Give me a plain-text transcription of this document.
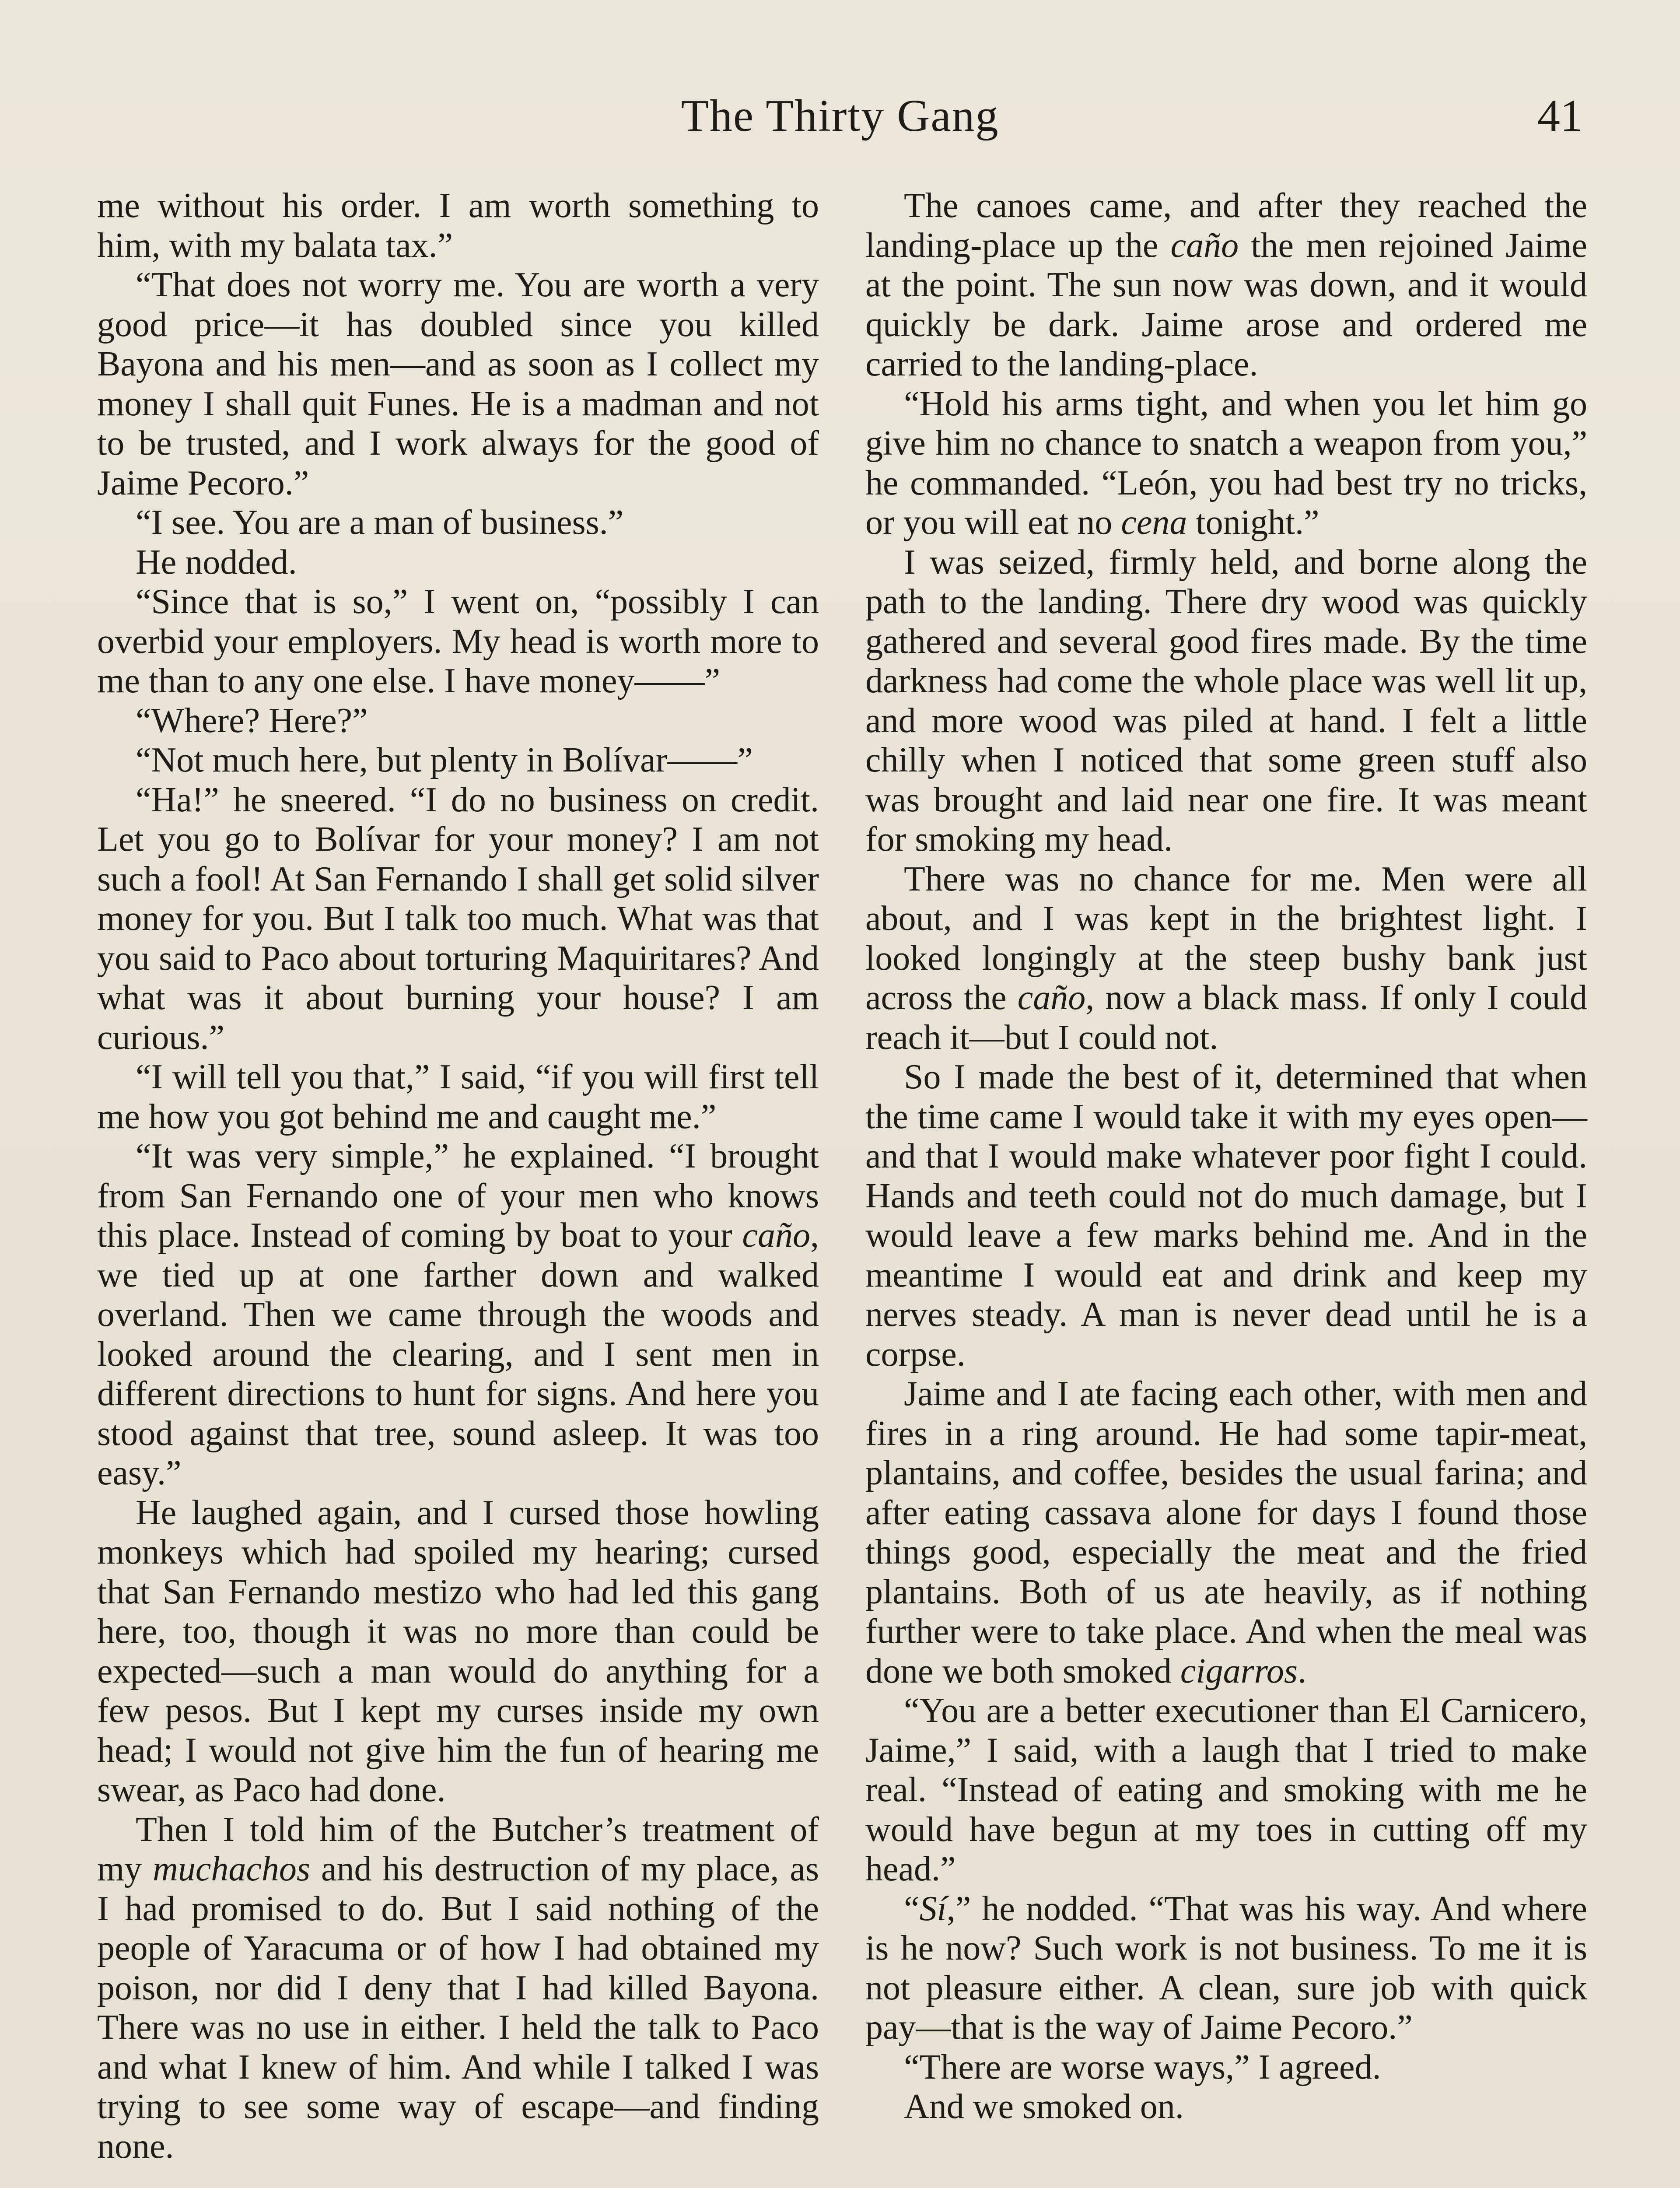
The Thirty Gang	41

me without his order. I am worth something to him, with my balata tax.”

“That does not worry me. You are worth a very good price—it has doubled since you killed Bayona and his men—and as soon as I collect my money I shall quit Funes. He is a madman and not to be trusted, and I work always for the good of Jaime Pecoro.”

“I see. You are a man of business.”

He nodded.

“Since that is so,” I went on, “possibly I can overbid your employers. My head is worth more to me than to any one else. I have money——”

“Where? Here?”

“Not much here, but plenty in Bolívar——”

“Ha!” he sneered. “I do no business on credit. Let you go to Bolívar for your money? I am not such a fool! At San Fernando I shall get solid silver money for you. But I talk too much. What was that you said to Paco about torturing Maquiritares? And what was it about burning your house? I am curious.”

“I will tell you that,” I said, “if you will first tell me how you got behind me and caught me.”

“It was very simple,” he explained. “I brought from San Fernando one of your men who knows this place. Instead of coming by boat to your caño, we tied up at one farther down and walked overland. Then we came through the woods and looked around the clearing, and I sent men in different directions to hunt for signs. And here you stood against that tree, sound asleep. It was too easy.”

He laughed again, and I cursed those howling monkeys which had spoiled my hearing; cursed that San Fernando mestizo who had led this gang here, too, though it was no more than could be expected—such a man would do anything for a few pesos. But I kept my curses inside my own head; I would not give him the fun of hearing me swear, as Paco had done.

Then I told him of the Butcher’s treatment of my muchachos and his destruction of my place, as I had promised to do. But I said nothing of the people of Yaracuma or of how I had obtained my poison, nor did I deny that I had killed Bayona. There was no use in either. I held the talk to Paco and what I knew of him. And while I talked I was trying to see some way of escape—and finding none.

The canoes came, and after they reached the landing-place up the caño the men rejoined Jaime at the point. The sun now was down, and it would quickly be dark. Jaime arose and ordered me carried to the landing-place.

“Hold his arms tight, and when you let him go give him no chance to snatch a weapon from you,” he commanded. “León, you had best try no tricks, or you will eat no cena tonight.”

I was seized, firmly held, and borne along the path to the landing. There dry wood was quickly gathered and several good fires made. By the time darkness had come the whole place was well lit up, and more wood was piled at hand. I felt a little chilly when I noticed that some green stuff also was brought and laid near one fire. It was meant for smoking my head.

There was no chance for me. Men were all about, and I was kept in the brightest light. I looked longingly at the steep bushy bank just across the caño, now a black mass. If only I could reach it—but I could not.

So I made the best of it, determined that when the time came I would take it with my eyes open—and that I would make whatever poor fight I could. Hands and teeth could not do much damage, but I would leave a few marks behind me. And in the meantime I would eat and drink and keep my nerves steady. A man is never dead until he is a corpse.

Jaime and I ate facing each other, with men and fires in a ring around. He had some tapir-meat, plantains, and coffee, besides the usual farina; and after eating cassava alone for days I found those things good, especially the meat and the fried plantains. Both of us ate heavily, as if nothing further were to take place. And when the meal was done we both smoked cigarros.

“You are a better executioner than El Carnicero, Jaime,” I said, with a laugh that I tried to make real. “Instead of eating and smoking with me he would have begun at my toes in cutting off my head.”

“Sí,” he nodded. “That was his way. And where is he now? Such work is not business. To me it is not pleasure either. A clean, sure job with quick pay—that is the way of Jaime Pecoro.”

“There are worse ways,” I agreed.

And we smoked on.
